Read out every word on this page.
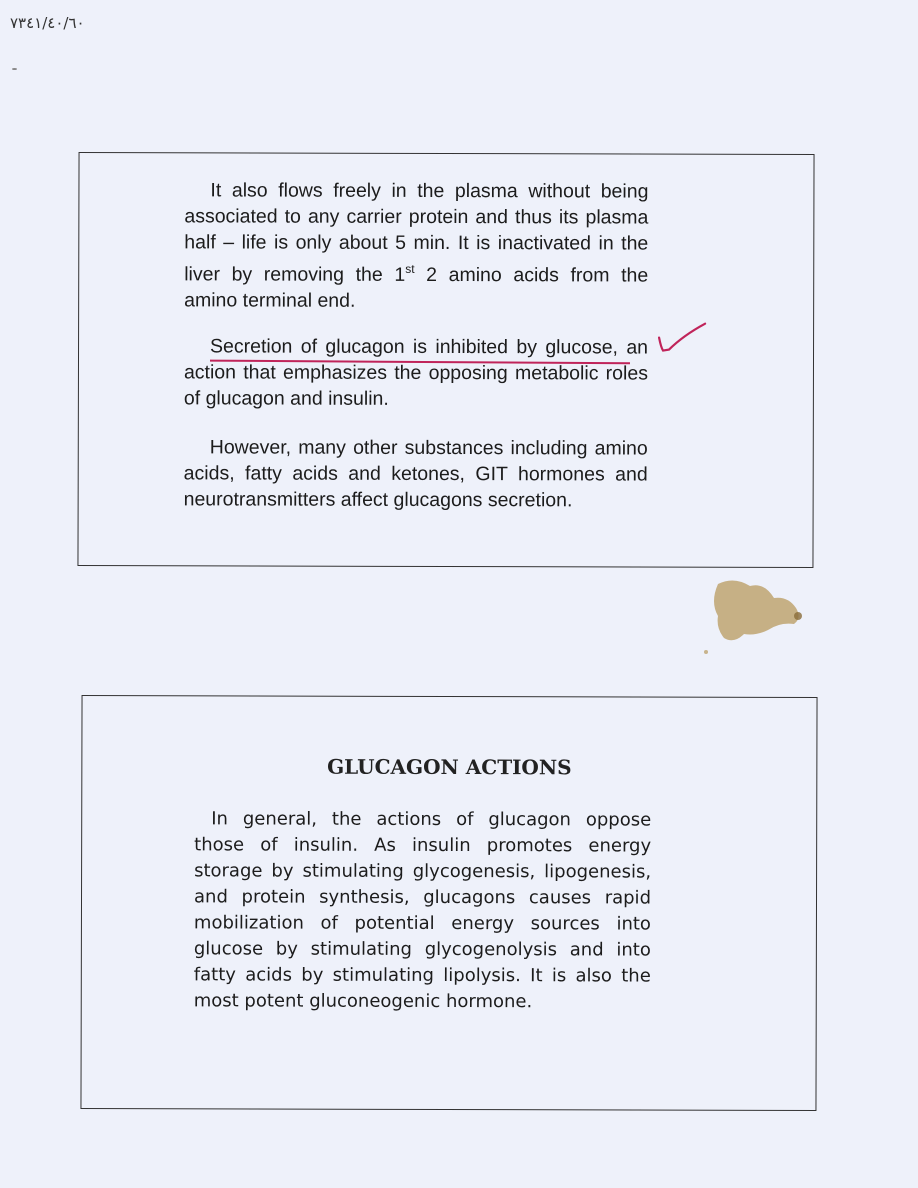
٠٦/٠٤/١٤٣٧
It also flows freely in the plasma without being associated to any carrier protein and thus its plasma half – life is only about 5 min. It is inactivated in the liver by removing the 1st 2 amino acids from the amino terminal end.
Secretion of glucagon is inhibited by glucose, an action that emphasizes the opposing metabolic roles of glucagon and insulin.
However, many other substances including amino acids, fatty acids and ketones, GIT hormones and neurotransmitters affect glucagons secretion.
GLUCAGON ACTIONS
In general, the actions of glucagon oppose those of insulin. As insulin promotes energy storage by stimulating glycogenesis, lipogenesis, and protein synthesis, glucagons causes rapid mobilization of potential energy sources into glucose by stimulating glycogenolysis and into fatty acids by stimulating lipolysis. It is also the most potent gluconeogenic hormone.
